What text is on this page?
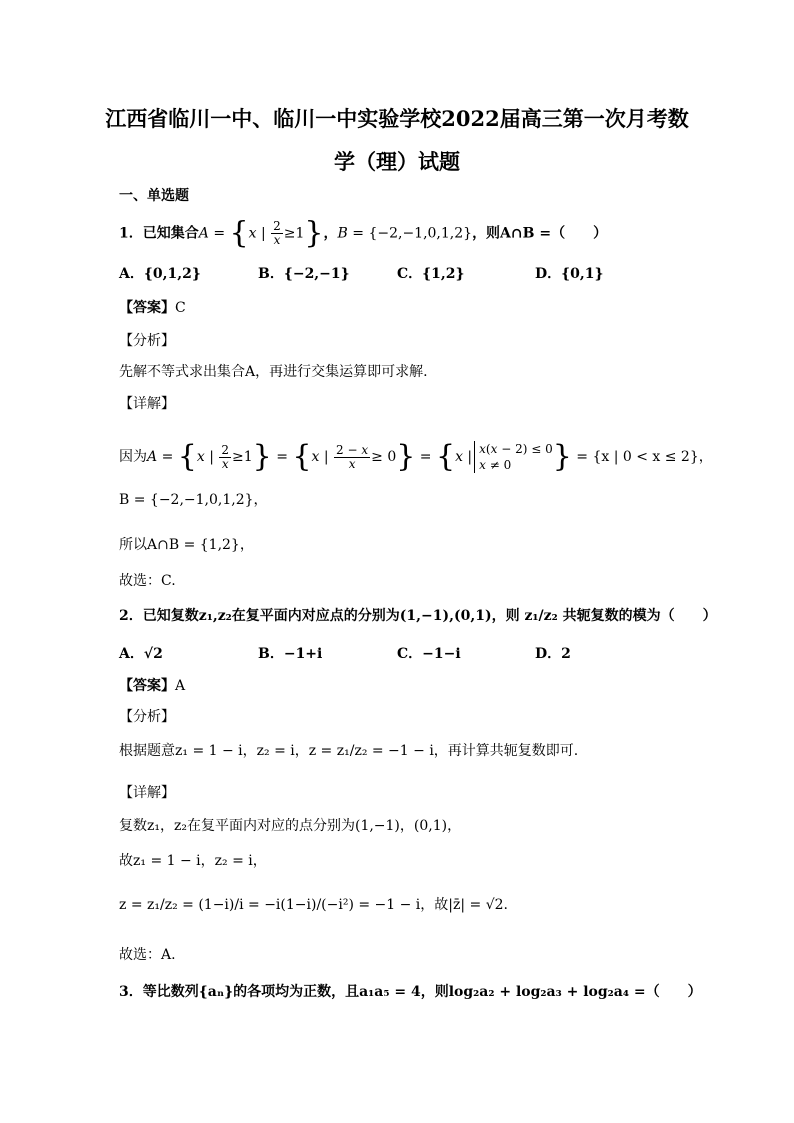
江西省临川一中、临川一中实验学校2022届高三第一次月考数
学（理）试题
一、单选题
1．已知集合A = {x | $\frac{2}{x} \ge 1$}，B = {−2,−1,0,1,2}，则A∩B =（　　）
A．{0,1,2}	B．{−2,−1}	C．{1,2}	D．{0,1}
【答案】C
【分析】
先解不等式求出集合A，再进行交集运算即可求解.
【详解】
因为A = {x | $\frac{2}{x} \ge 1\} = \{x$ | $\frac{2 - x}{x} \ge 0\} = \{x$ | x(x − 2) ≤ 0
x ≠ 0	} = {x | 0 < x ≤ 2}，
B = {−2,−1,0,1,2}，
所以A∩B = {1,2}，
故选：C.
2．已知复数z₁,z₂在复平面内对应点的分别为(1,−1),(0,1)，则 z₁/z₂ 共轭复数的模为（　　）
A．√2	B．−1+i	C．−1−i	D．2
【答案】A
【分析】
根据题意z₁ = 1 − i，z₂ = i，z = z₁/z₂ = −1 − i，再计算共轭复数即可.
【详解】
复数z₁，z₂在复平面内对应的点分别为(1,−1)，(0,1)，
故z₁ = 1 − i，z₂ = i，
z = z₁/z₂ = (1−i)/i = −i(1−i)/(−i²) = −1 − i，故|z̄| = √2.
故选：A.
3．等比数列{aₙ}的各项均为正数，且a₁a₅ = 4，则log₂a₂ + log₂a₃ + log₂a₄ =（　　）
